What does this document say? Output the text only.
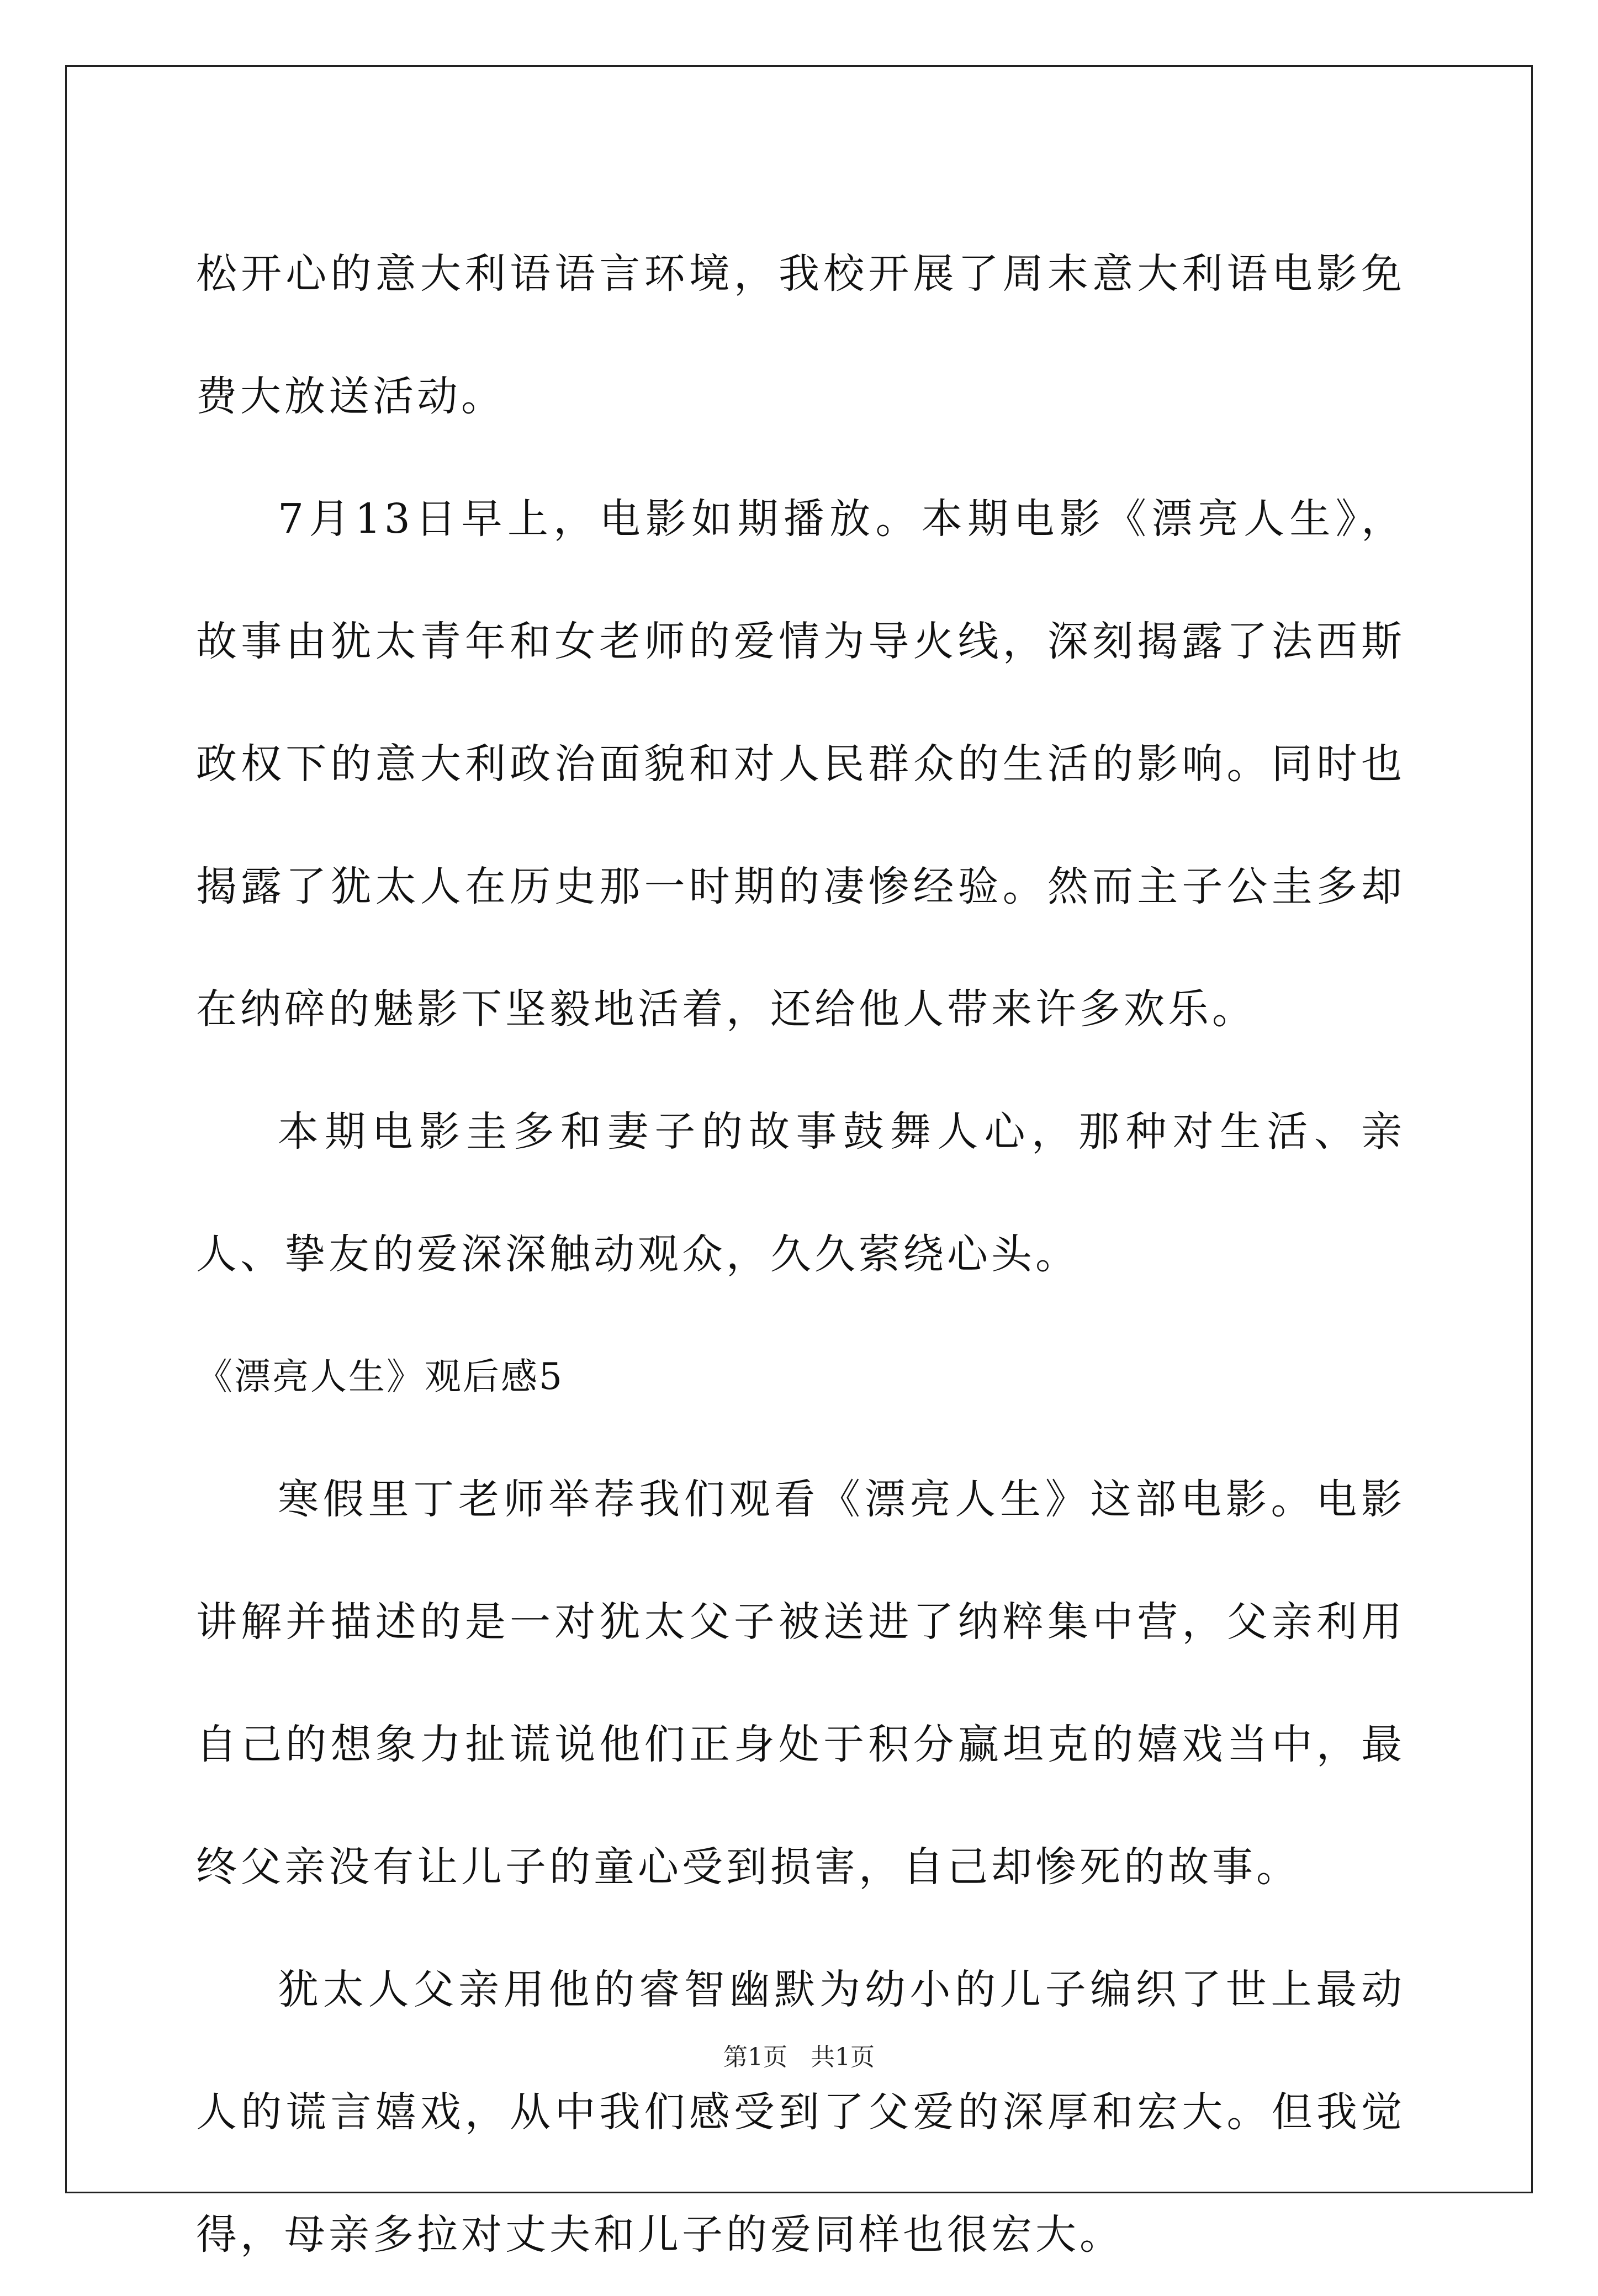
松开心的意大利语语言环境，我校开展了周末意大利语电影免费大放送活动。

7月13日早上，电影如期播放。本期电影《漂亮人生》，故事由犹太青年和女老师的爱情为导火线，深刻揭露了法西斯政权下的意大利政治面貌和对人民群众的生活的影响。同时也揭露了犹太人在历史那一时期的凄惨经验。然而主子公圭多却在纳碎的魅影下坚毅地活着，还给他人带来许多欢乐。

本期电影圭多和妻子的故事鼓舞人心，那种对生活、亲人、挚友的爱深深触动观众，久久萦绕心头。

《漂亮人生》观后感5

寒假里丁老师举荐我们观看《漂亮人生》这部电影。电影讲解并描述的是一对犹太父子被送进了纳粹集中营，父亲利用自己的想象力扯谎说他们正身处于积分赢坦克的嬉戏当中，最终父亲没有让儿子的童心受到损害，自己却惨死的故事。

犹太人父亲用他的睿智幽默为幼小的儿子编织了世上最动人的谎言嬉戏，从中我们感受到了父爱的深厚和宏大。但我觉得，母亲多拉对丈夫和儿子的爱同样也很宏大。

第1页 共1页
